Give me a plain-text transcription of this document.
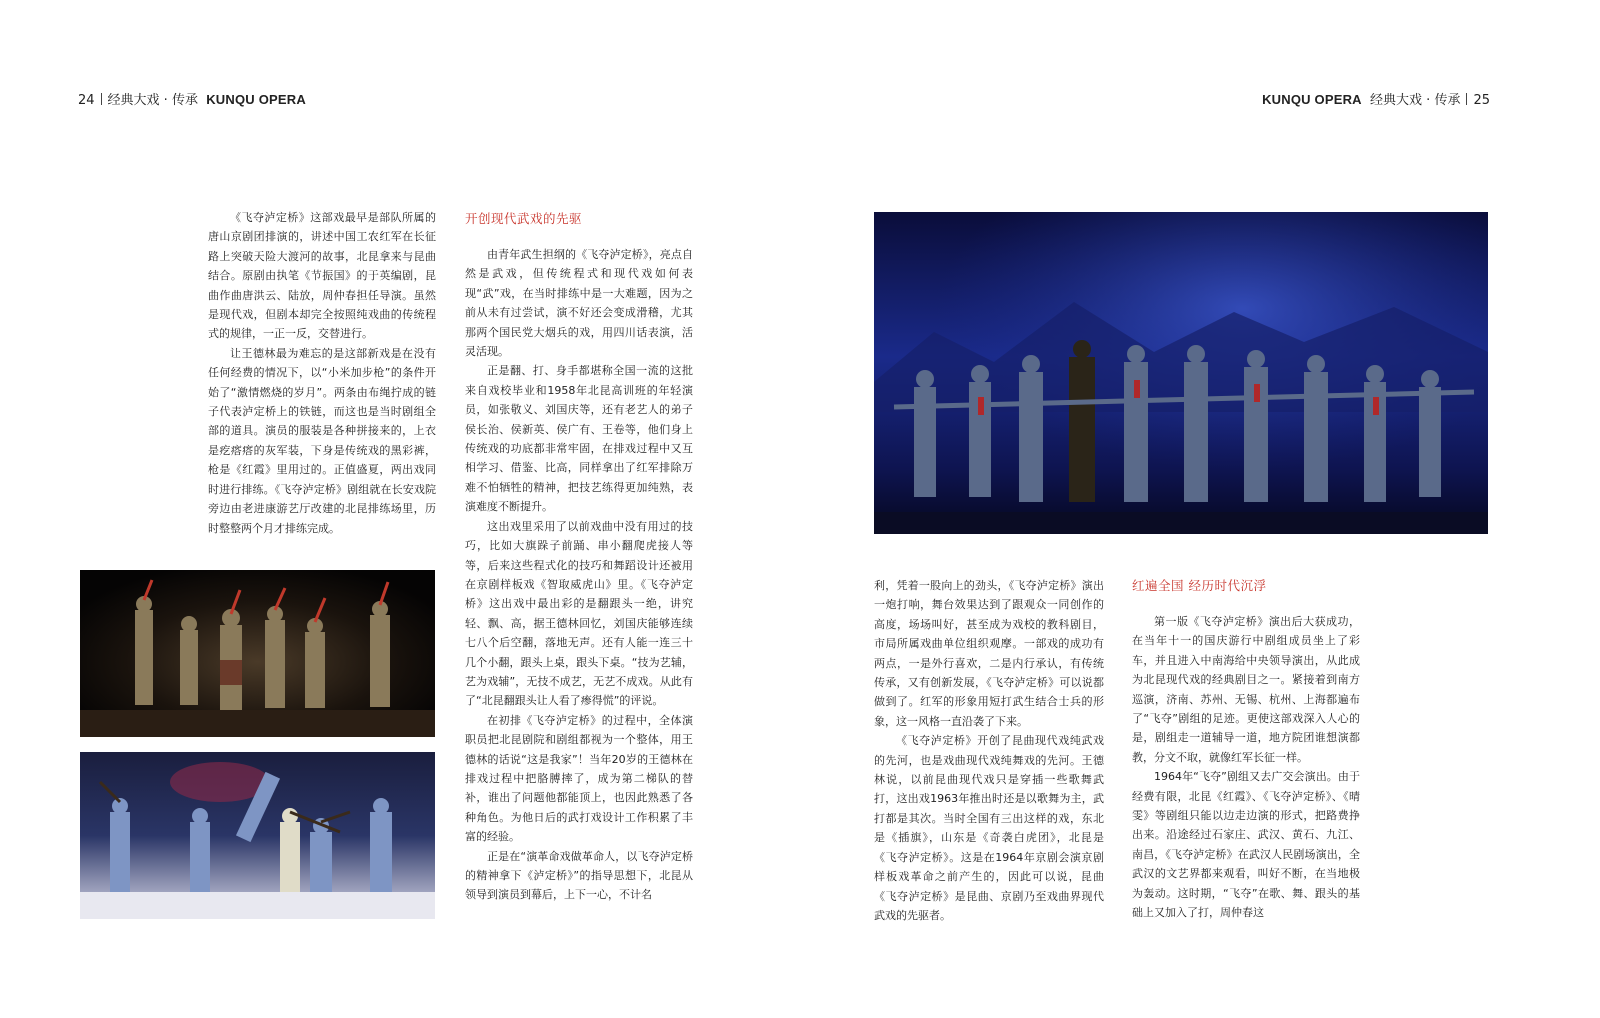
24 经典大戏 · 传承 KUNQU OPERA	KUNQU OPERA 经典大戏 · 传承 25

《飞夺泸定桥》这部戏最早是部队所属的唐山京剧团排演的，讲述中国工农红军在长征路上突破天险大渡河的故事，北昆拿来与昆曲结合。原剧由执笔《节振国》的于英编剧，昆曲作曲唐洪云、陆放，周仲春担任导演。虽然是现代戏，但剧本却完全按照纯戏曲的传统程式的规律，一正一反，交替进行。

让王德林最为难忘的是这部新戏是在没有任何经费的情况下，以“小米加步枪”的条件开始了“激情燃烧的岁月”。两条由布绳拧成的链子代表泸定桥上的铁链，而这也是当时剧组全部的道具。演员的服装是各种拼接来的，上衣是疙瘩瘩的灰军装，下身是传统戏的黑彩裤，枪是《红霞》里用过的。正值盛夏，两出戏同时进行排练。《飞夺泸定桥》剧组就在长安戏院旁边由老进康游艺厅改建的北昆排练场里，历时整整两个月才排练完成。

开创现代武戏的先驱

由青年武生担纲的《飞夺泸定桥》，亮点自然是武戏，但传统程式和现代戏如何表现“武”戏，在当时排练中是一大难题，因为之前从未有过尝试，演不好还会变成滑稽，尤其那两个国民党大烟兵的戏，用四川话表演，活灵活现。

正是翻、打、身手都堪称全国一流的这批来自戏校毕业和1958年北昆高训班的年轻演员，如张敬义、刘国庆等，还有老艺人的弟子侯长治、侯新英、侯广有、王卷等，他们身上传统戏的功底都非常牢固，在排戏过程中又互相学习、借鉴、比高，同样拿出了红军排除万难不怕牺牲的精神，把技艺练得更加纯熟，表演难度不断提升。

这出戏里采用了以前戏曲中没有用过的技巧，比如大旗跺子前踊、串小翻爬虎接人等等，后来这些程式化的技巧和舞蹈设计还被用在京剧样板戏《智取威虎山》里。《飞夺泸定桥》这出戏中最出彩的是翻跟头一绝，讲究轻、飘、高，据王德林回忆，刘国庆能够连续七八个后空翻，落地无声。还有人能一连三十几个小翻，跟头上桌，跟头下桌。“技为艺辅，艺为戏辅”，无技不成艺，无艺不成戏。从此有了“北昆翻跟头让人看了瘆得慌”的评说。

在初排《飞夺泸定桥》的过程中，全体演职员把北昆剧院和剧组都视为一个整体，用王德林的话说“这是我家”！当年20岁的王德林在排戏过程中把胳膊摔了，成为第二梯队的替补，谁出了问题他都能顶上，也因此熟悉了各种角色。为他日后的武打戏设计工作积累了丰富的经验。

正是在“演革命戏做革命人，以飞夺泸定桥的精神拿下《泸定桥》”的指导思想下，北昆从领导到演员到幕后，上下一心，不计名

利，凭着一股向上的劲头，《飞夺泸定桥》演出一炮打响，舞台效果达到了跟观众一同创作的高度，场场叫好，甚至成为戏校的教科剧目，市局所属戏曲单位组织观摩。一部戏的成功有两点，一是外行喜欢，二是内行承认，有传统传承，又有创新发展，《飞夺泸定桥》可以说都做到了。红军的形象用短打武生结合士兵的形象，这一风格一直沿袭了下来。

《飞夺泸定桥》开创了昆曲现代戏纯武戏的先河，也是戏曲现代戏纯舞戏的先河。王德林说，以前昆曲现代戏只是穿插一些歌舞武打，这出戏1963年推出时还是以歌舞为主，武打都是其次。当时全国有三出这样的戏，东北是《插旗》，山东是《奇袭白虎团》，北昆是《飞夺泸定桥》。这是在1964年京剧会演京剧样板戏革命之前产生的，因此可以说，昆曲《飞夺泸定桥》是昆曲、京剧乃至戏曲界现代武戏的先驱者。

红遍全国 经历时代沉浮

第一版《飞夺泸定桥》演出后大获成功，在当年十一的国庆游行中剧组成员坐上了彩车，并且进入中南海给中央领导演出，从此成为北昆现代戏的经典剧目之一。紧接着到南方巡演，济南、苏州、无锡、杭州、上海都遍布了“飞夺”剧组的足迹。更使这部戏深入人心的是，剧组走一道辅导一道，地方院团谁想演都教，分文不取，就像红军长征一样。

1964年“飞夺”剧组又去广交会演出。由于经费有限，北昆《红霞》、《飞夺泸定桥》、《晴雯》等剧组只能以边走边演的形式，把路费挣出来。沿途经过石家庄、武汉、黄石、九江、南昌，《飞夺泸定桥》在武汉人民剧场演出，全武汉的文艺界都来观看，叫好不断，在当地极为轰动。这时期，“飞夺”在歌、舞、跟头的基础上又加入了打，周仲春这
